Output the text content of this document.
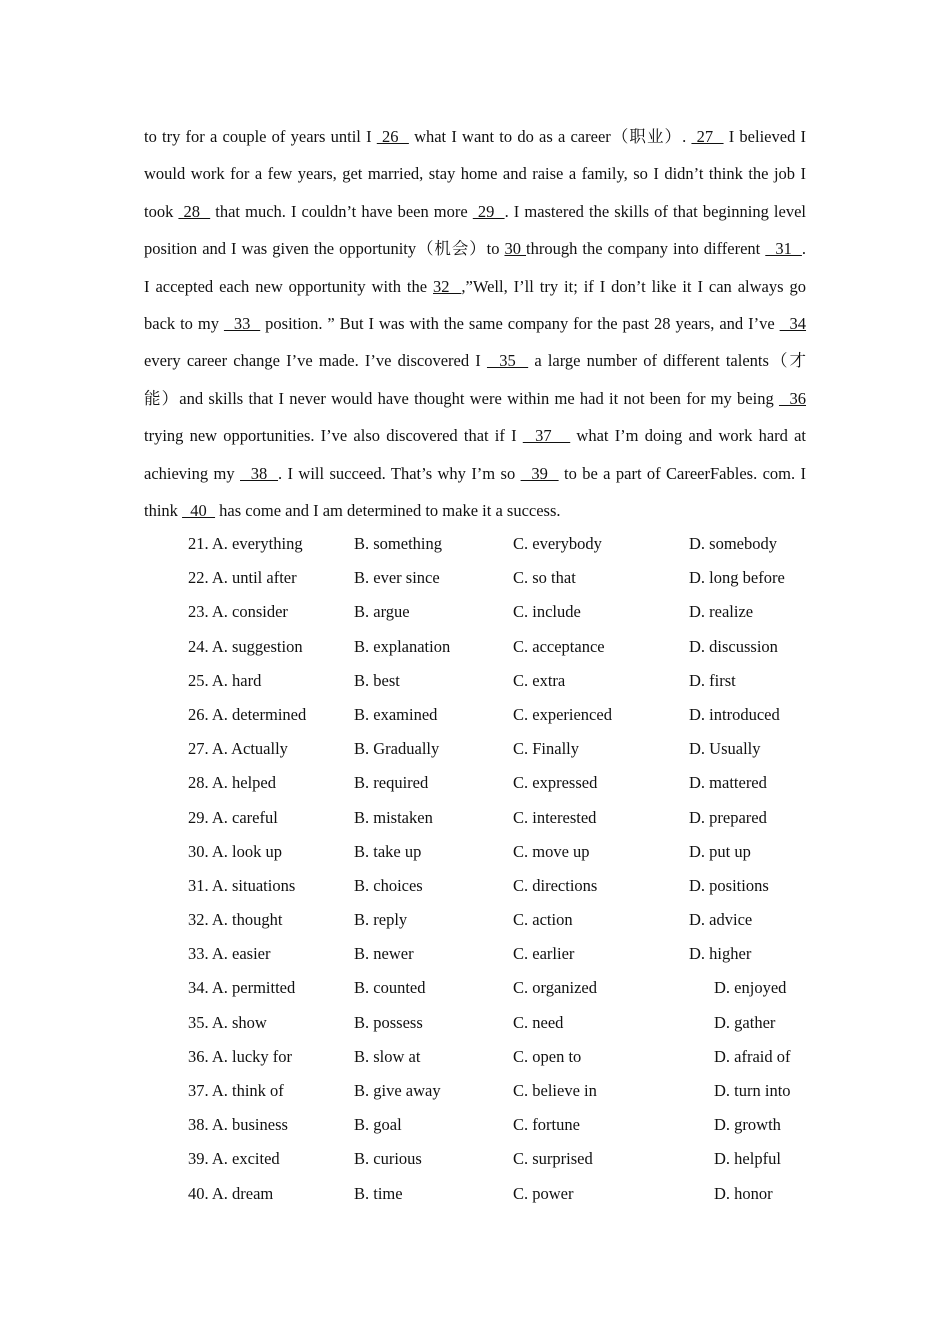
to try for a couple of years until I  26   what I want to do as a career（职业）.  27   I believed I
would work for a few years, get married, stay home and raise a family, so I didn’t think the job I
took  28   that much. I couldn’t have been more  29  . I mastered the skills of that beginning level
position and I was given the opportunity（机会）to 30 through the company into different   31  .
I accepted each new opportunity with the 32  ,”Well, I’ll try it; if I don’t like it I can always go
back to my   33   position. ” But I was with the same company for the past 28 years, and I’ve   34
every career change I’ve made. I’ve discovered I   35   a large number of different talents（才
能）and skills that I never would have thought were within me had it not been for my being   36
trying new opportunities. I’ve also discovered that if I   37    what I’m doing and work hard at
achieving my   38  . I will succeed. That’s why I’m so   39   to be a part of CareerFables. com. I
think   40   has come and I am determined to make it a success.
21. A. everything	B. something	C. everybody	D. somebody
22. A. until after	B. ever since	C. so that	D. long before
23. A. consider	B. argue	C. include	D. realize
24. A. suggestion	B. explanation	C. acceptance	D. discussion
25. A. hard	B. best	C. extra	D. first
26. A. determined	B. examined	C. experienced	D. introduced
27. A. Actually	B. Gradually	C. Finally	D. Usually
28. A. helped	B. required	C. expressed	D. mattered
29. A. careful	B. mistaken	C. interested	D. prepared
30. A. look up	B. take up	C. move up	D. put up
31. A. situations	B. choices	C. directions	D. positions
32. A. thought	B. reply	C. action	D. advice
33. A. easier	B. newer	C. earlier	D. higher
34. A. permitted	B. counted	C. organized	D. enjoyed
35. A. show	B. possess	C. need	D. gather
36. A. lucky for	B. slow at	C. open to	D. afraid of
37. A. think of	B. give away	C. believe in	D. turn into
38. A. business	B. goal	C. fortune	D. growth
39. A. excited	B. curious	C. surprised	D. helpful
40. A. dream	B. time	C. power	D. honor
